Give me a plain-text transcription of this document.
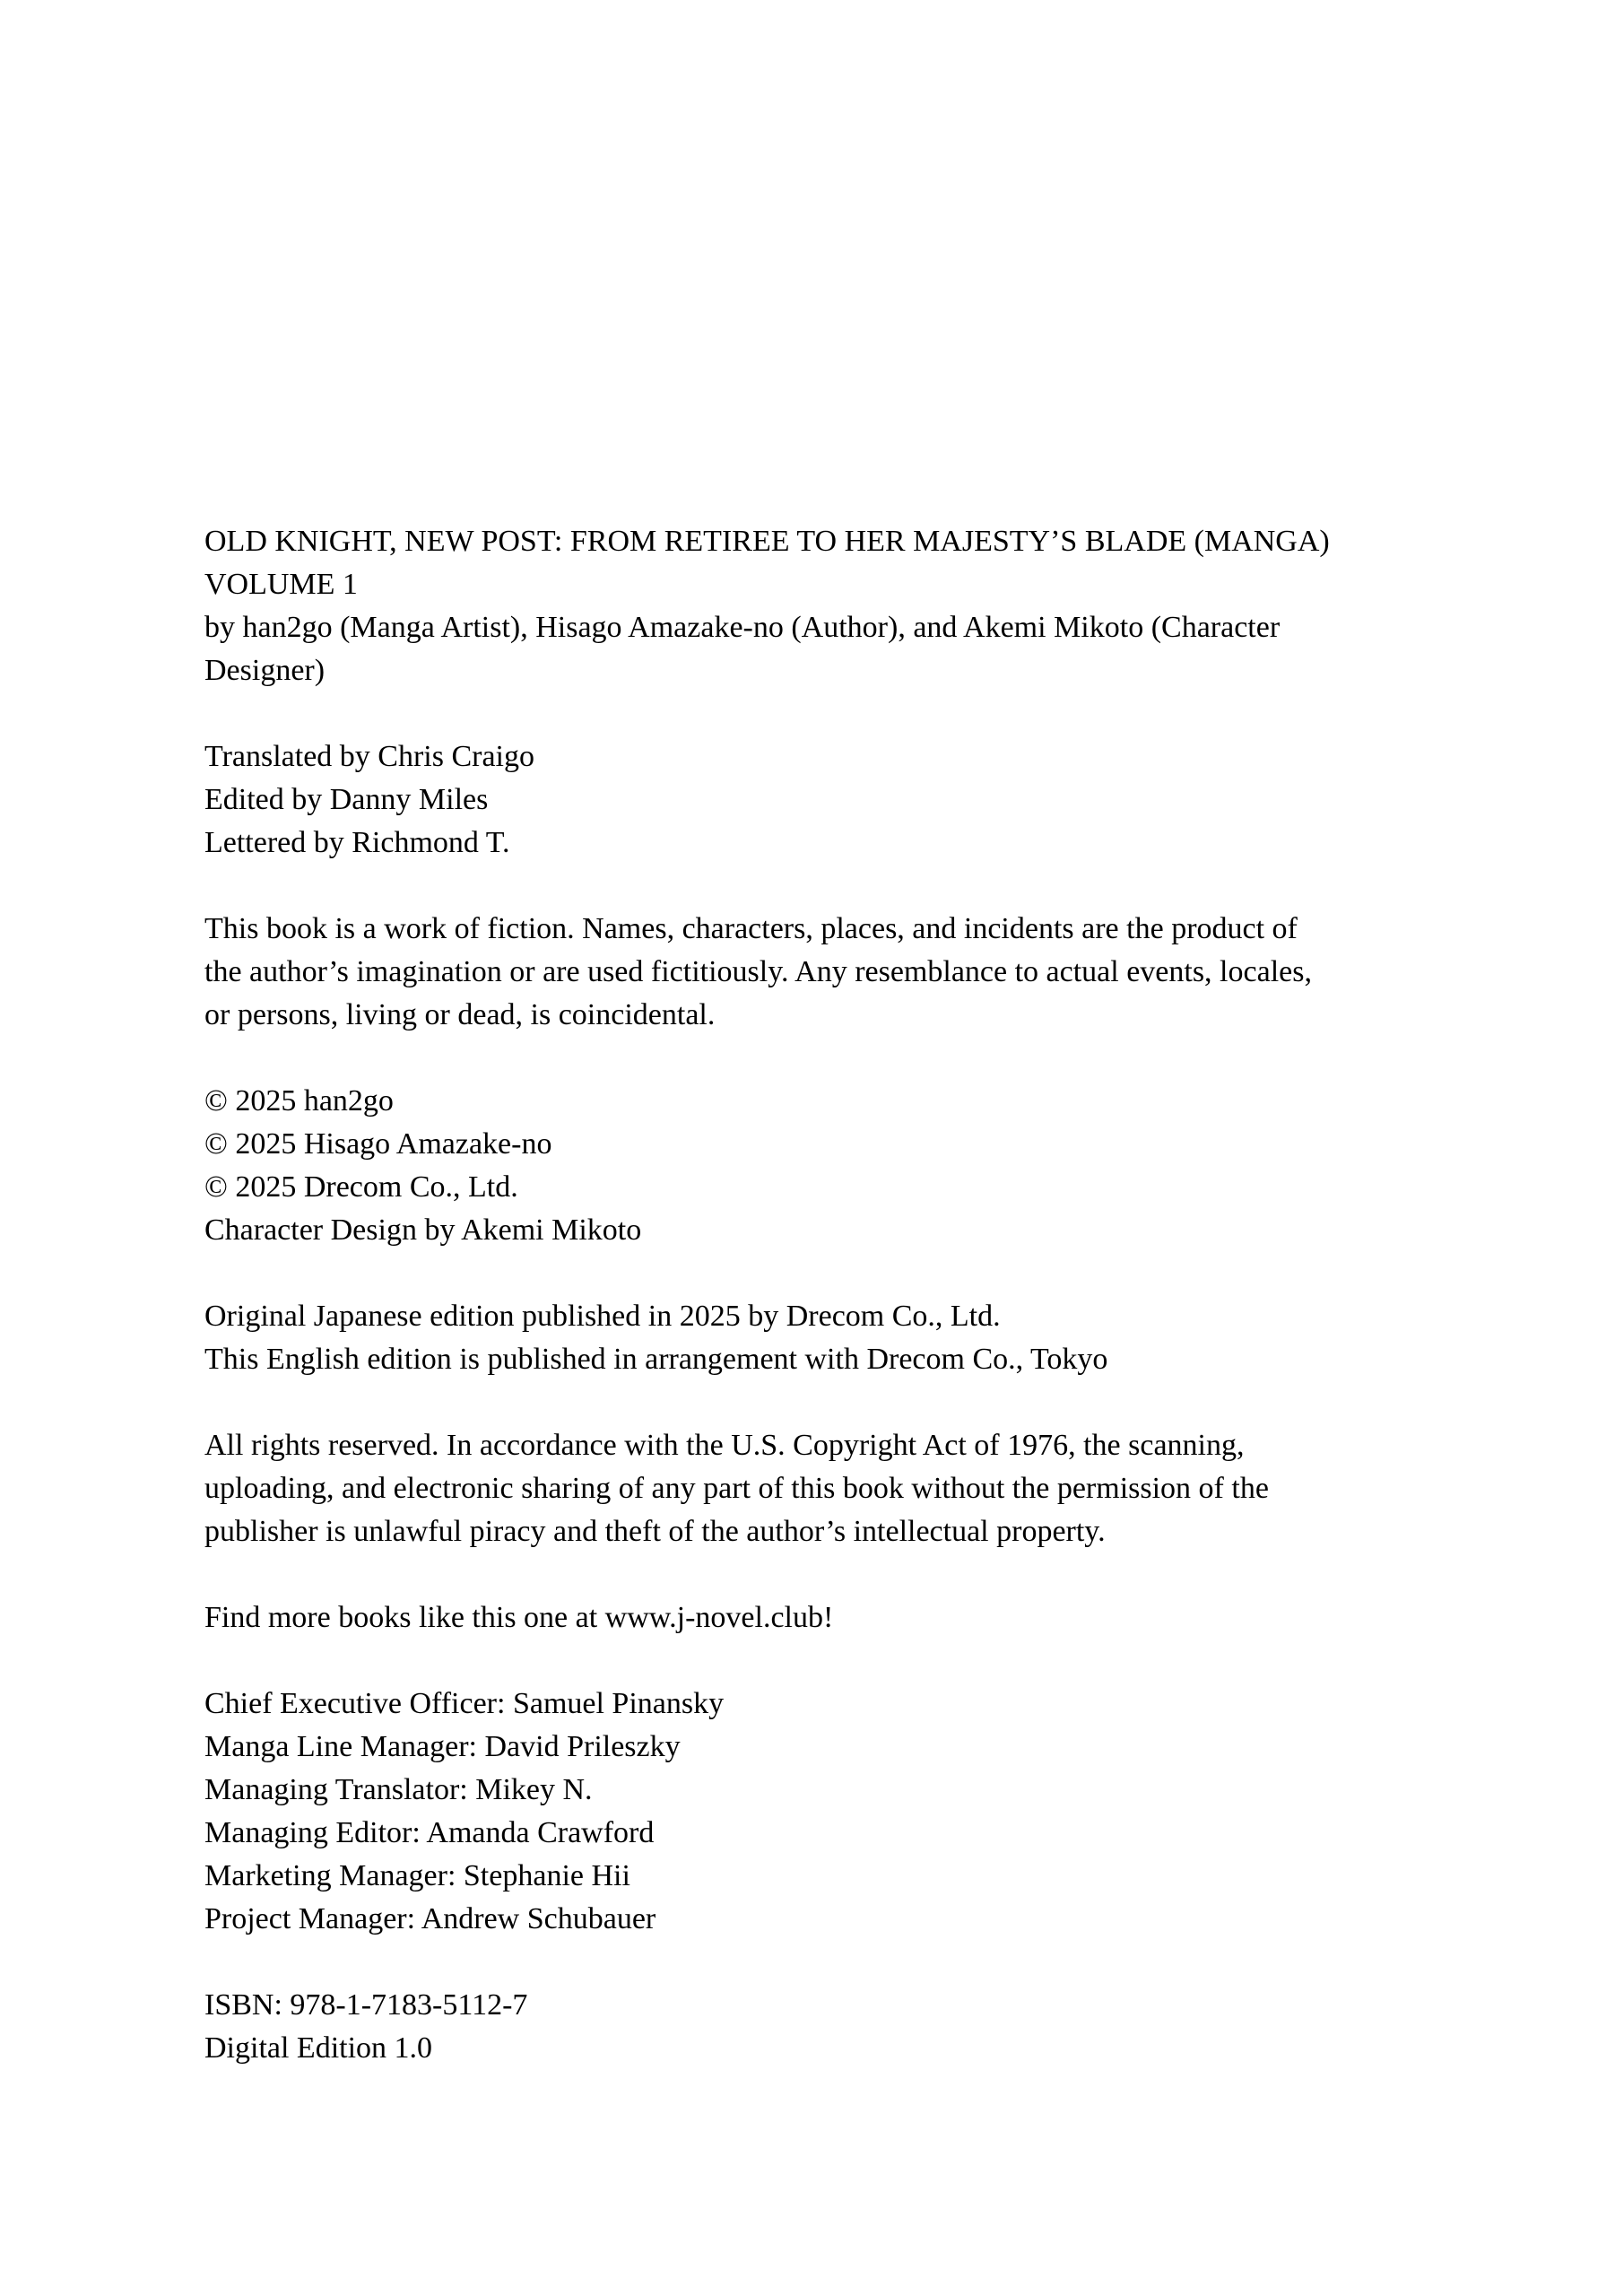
OLD KNIGHT, NEW POST: FROM RETIREE TO HER MAJESTY’S BLADE (MANGA)
VOLUME 1
by han2go (Manga Artist), Hisago Amazake-no (Author), and Akemi Mikoto (Character
Designer)
Translated by Chris Craigo
Edited by Danny Miles
Lettered by Richmond T.
This book is a work of fiction. Names, characters, places, and incidents are the product of
the author’s imagination or are used fictitiously. Any resemblance to actual events, locales,
or persons, living or dead, is coincidental.
© 2025 han2go
© 2025 Hisago Amazake-no
© 2025 Drecom Co., Ltd.
Character Design by Akemi Mikoto
Original Japanese edition published in 2025 by Drecom Co., Ltd.
This English edition is published in arrangement with Drecom Co., Tokyo
All rights reserved. In accordance with the U.S. Copyright Act of 1976, the scanning,
uploading, and electronic sharing of any part of this book without the permission of the
publisher is unlawful piracy and theft of the author’s intellectual property.
Find more books like this one at www.j-novel.club!
Chief Executive Officer: Samuel Pinansky
Manga Line Manager: David Prileszky
Managing Translator: Mikey N.
Managing Editor: Amanda Crawford
Marketing Manager: Stephanie Hii
Project Manager: Andrew Schubauer
ISBN: 978-1-7183-5112-7
Digital Edition 1.0
